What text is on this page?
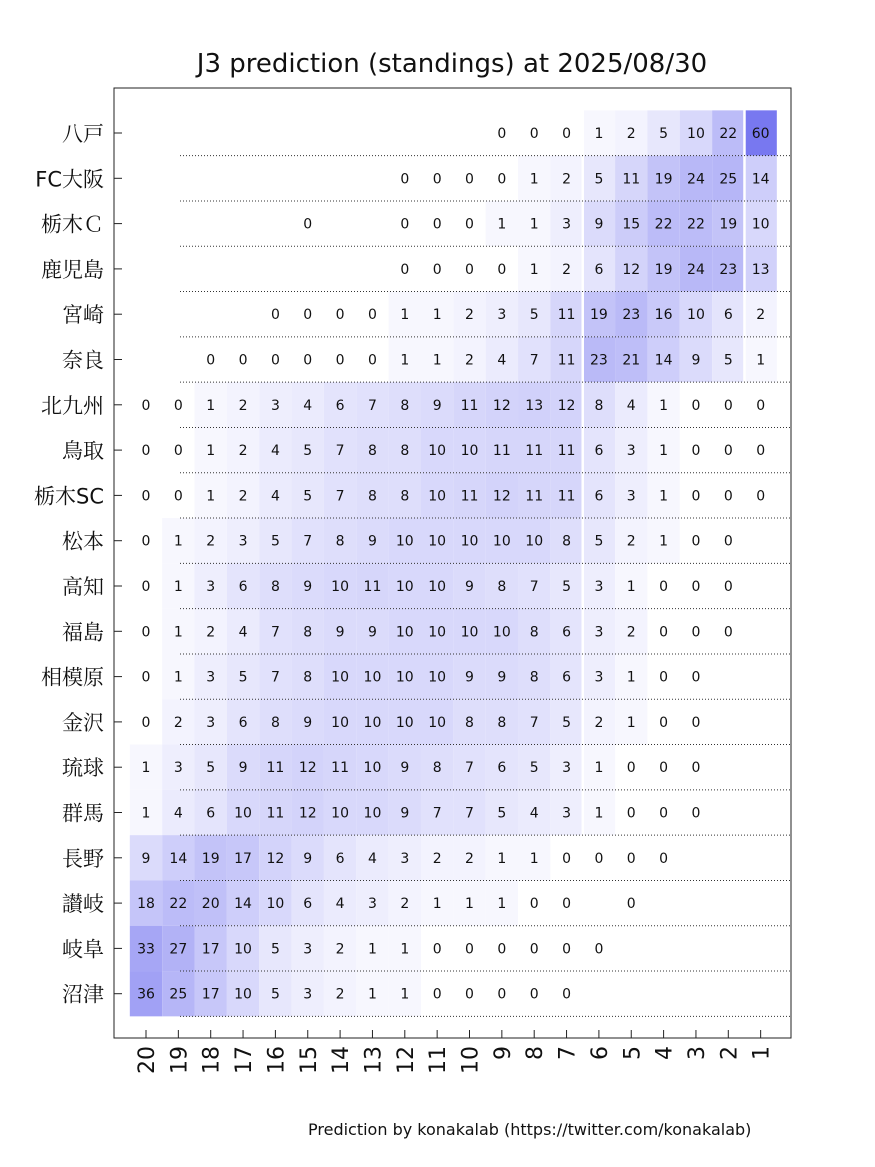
J3 prediction (standings) at 2025/08/30
八戸
FC大阪
栃木Ｃ
鹿児島
宮崎
奈良
北九州
鳥取
栃木SC
松本
高知
福島
相模原
金沢
琉球
群馬
長野
讃岐
岐阜
沼津
20 19 18 17 16 15 14 13 12 11 10 9 8 7 6 5 4 3 2 1
0 0 0 1 2 5 10 22 60
0 0 0 0 1 2 5 11 19 24 25 14
0	0 0 0 1 1 3 9 15 22 22 19 10
0 0 0 0 1 2 6 12 19 24 23 13
0 0 0 0 1 1 2 3 5 11 19 23 16 10 6 2
0 0 0 0 0 0 1 1 2 4 7 11 23 21 14 9 5 1
0 0 1 2 3 4 6 7 8 9 11 12 13 12 8 4 1 0 0 0
0 0 1 2 4 5 7 8 8 10 10 11 11 11 6 3 1 0 0 0
0 0 1 2 4 5 7 8 8 10 11 12 11 11 6 3 1 0 0 0
0 1 2 3 5 7 8 9 10 10 10 10 10 8 5 2 1 0 0
0 1 3 6 8 9 10 11 10 10 9 8 7 5 3 1 0 0 0
0 1 2 4 7 8 9 9 10 10 10 10 8 6 3 2 0 0 0
0 1 3 5 7 8 10 10 10 10 9 9 8 6 3 1 0 0
0 2 3 6 8 9 10 10 10 10 8 8 7 5 2 1 0 0
1 3 5 9 11 12 11 10 9 8 7 6 5 3 1 0 0 0
1 4 6 10 11 12 10 10 9 7 7 5 4 3 1 0 0 0
9 14 19 17 12 9 6 4 3 2 2 1 1 0 0 0 0
18 22 20 14 10 6 4 3 2 1 1 1 0 0	0
33 27 17 10 5 3 2 1 1 0 0 0 0 0 0
36 25 17 10 5 3 2 1 1 0 0 0 0 0
Prediction by konakalab (https://twitter.com/konakalab)
